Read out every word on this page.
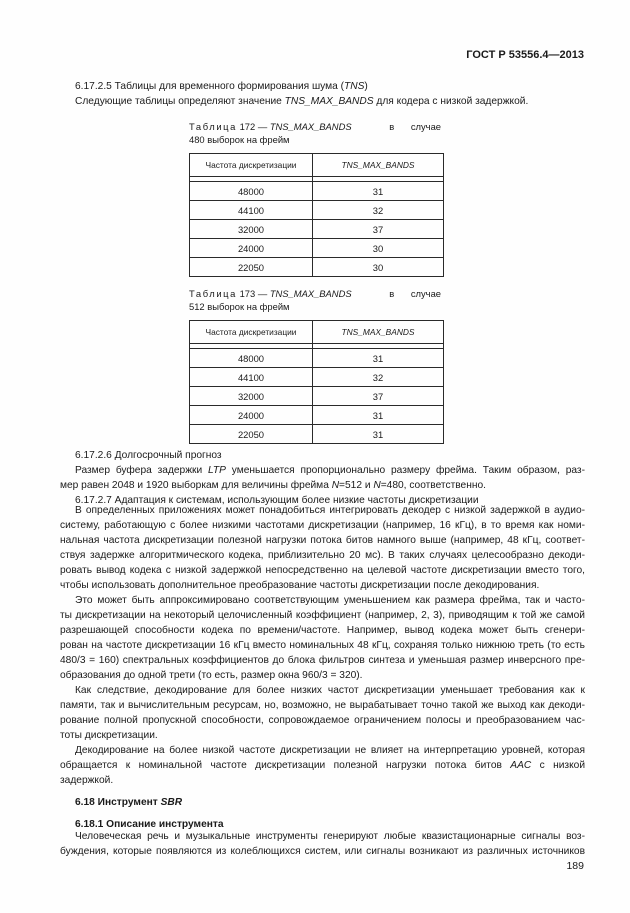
ГОСТ Р 53556.4—2013
6.17.2.5 Таблицы для временного формирования шума (TNS)
Следующие таблицы определяют значение TNS_MAX_BANDS для кодера с низкой задержкой.
Таблица 172 — TNS_MAX_BANDS	в случае
480 выборок на фрейм
Частота дискретизации	TNS_MAX_BANDS

48000	31
44100	32
32000	37
24000	30
22050	30
Таблица 173 — TNS_MAX_BANDS	в случае
512 выборок на фрейм
Частота дискретизации	TNS_MAX_BANDS

48000	31
44100	32
32000	37
24000	31
22050	31
6.17.2.6 Долгосрочный прогноз
Размер буфера задержки LTP уменьшается пропорционально размеру фрейма. Таким образом, раз-
мер равен 2048 и 1920 выборкам для величины фрейма N=512 и N=480, соответственно.
6.17.2.7 Адаптация к системам, использующим более низкие частоты дискретизации
В определенных приложениях может понадобиться интегрировать декодер с низкой задержкой в аудио-
систему, работающую с более низкими частотами дискретизации (например, 16 кГц), в то время как номи-
нальная частота дискретизации полезной нагрузки потока битов намного выше (например, 48 кГц, соответ-
ствуя задержке алгоритмического кодека, приблизительно 20 мс). В таких случаях целесообразно декоди-
ровать вывод кодека с низкой задержкой непосредственно на целевой частоте дискретизации вместо того,
чтобы использовать дополнительное преобразование частоты дискретизации после декодирования.
Это может быть аппроксимировано соответствующим уменьшением как размера фрейма, так и часто-
ты дискретизации на некоторый целочисленный коэффициент (например, 2, 3), приводящим к той же самой
разрешающей способности кодека по времени/частоте. Например, вывод кодека может быть сгенери-
рован на частоте дискретизации 16 кГц вместо номинальных 48 кГц, сохраняя только нижнюю треть (то есть
480/3 = 160) спектральных коэффициентов до блока фильтров синтеза и уменьшая размер инверсного пре-
образования до одной трети (то есть, размер окна 960/3 = 320).
Как следствие, декодирование для более низких частот дискретизации уменьшает требования как к
памяти, так и вычислительным ресурсам, но, возможно, не вырабатывает точно такой же выход как декоди-
рование полной пропускной способности, сопровождаемое ограничением полосы и преобразованием час-
тоты дискретизации.
Декодирование на более низкой частоте дискретизации не влияет на интерпретацию уровней, которая
обращается к номинальной частоте дискретизации полезной нагрузки потока битов AAC с низкой
задержкой.
6.18 Инструмент SBR
6.18.1 Описание инструмента
Человеческая речь и музыкальные инструменты генерируют любые квазистационарные сигналы воз-
буждения, которые появляются из колеблющихся систем, или сигналы возникают из различных источников
189
